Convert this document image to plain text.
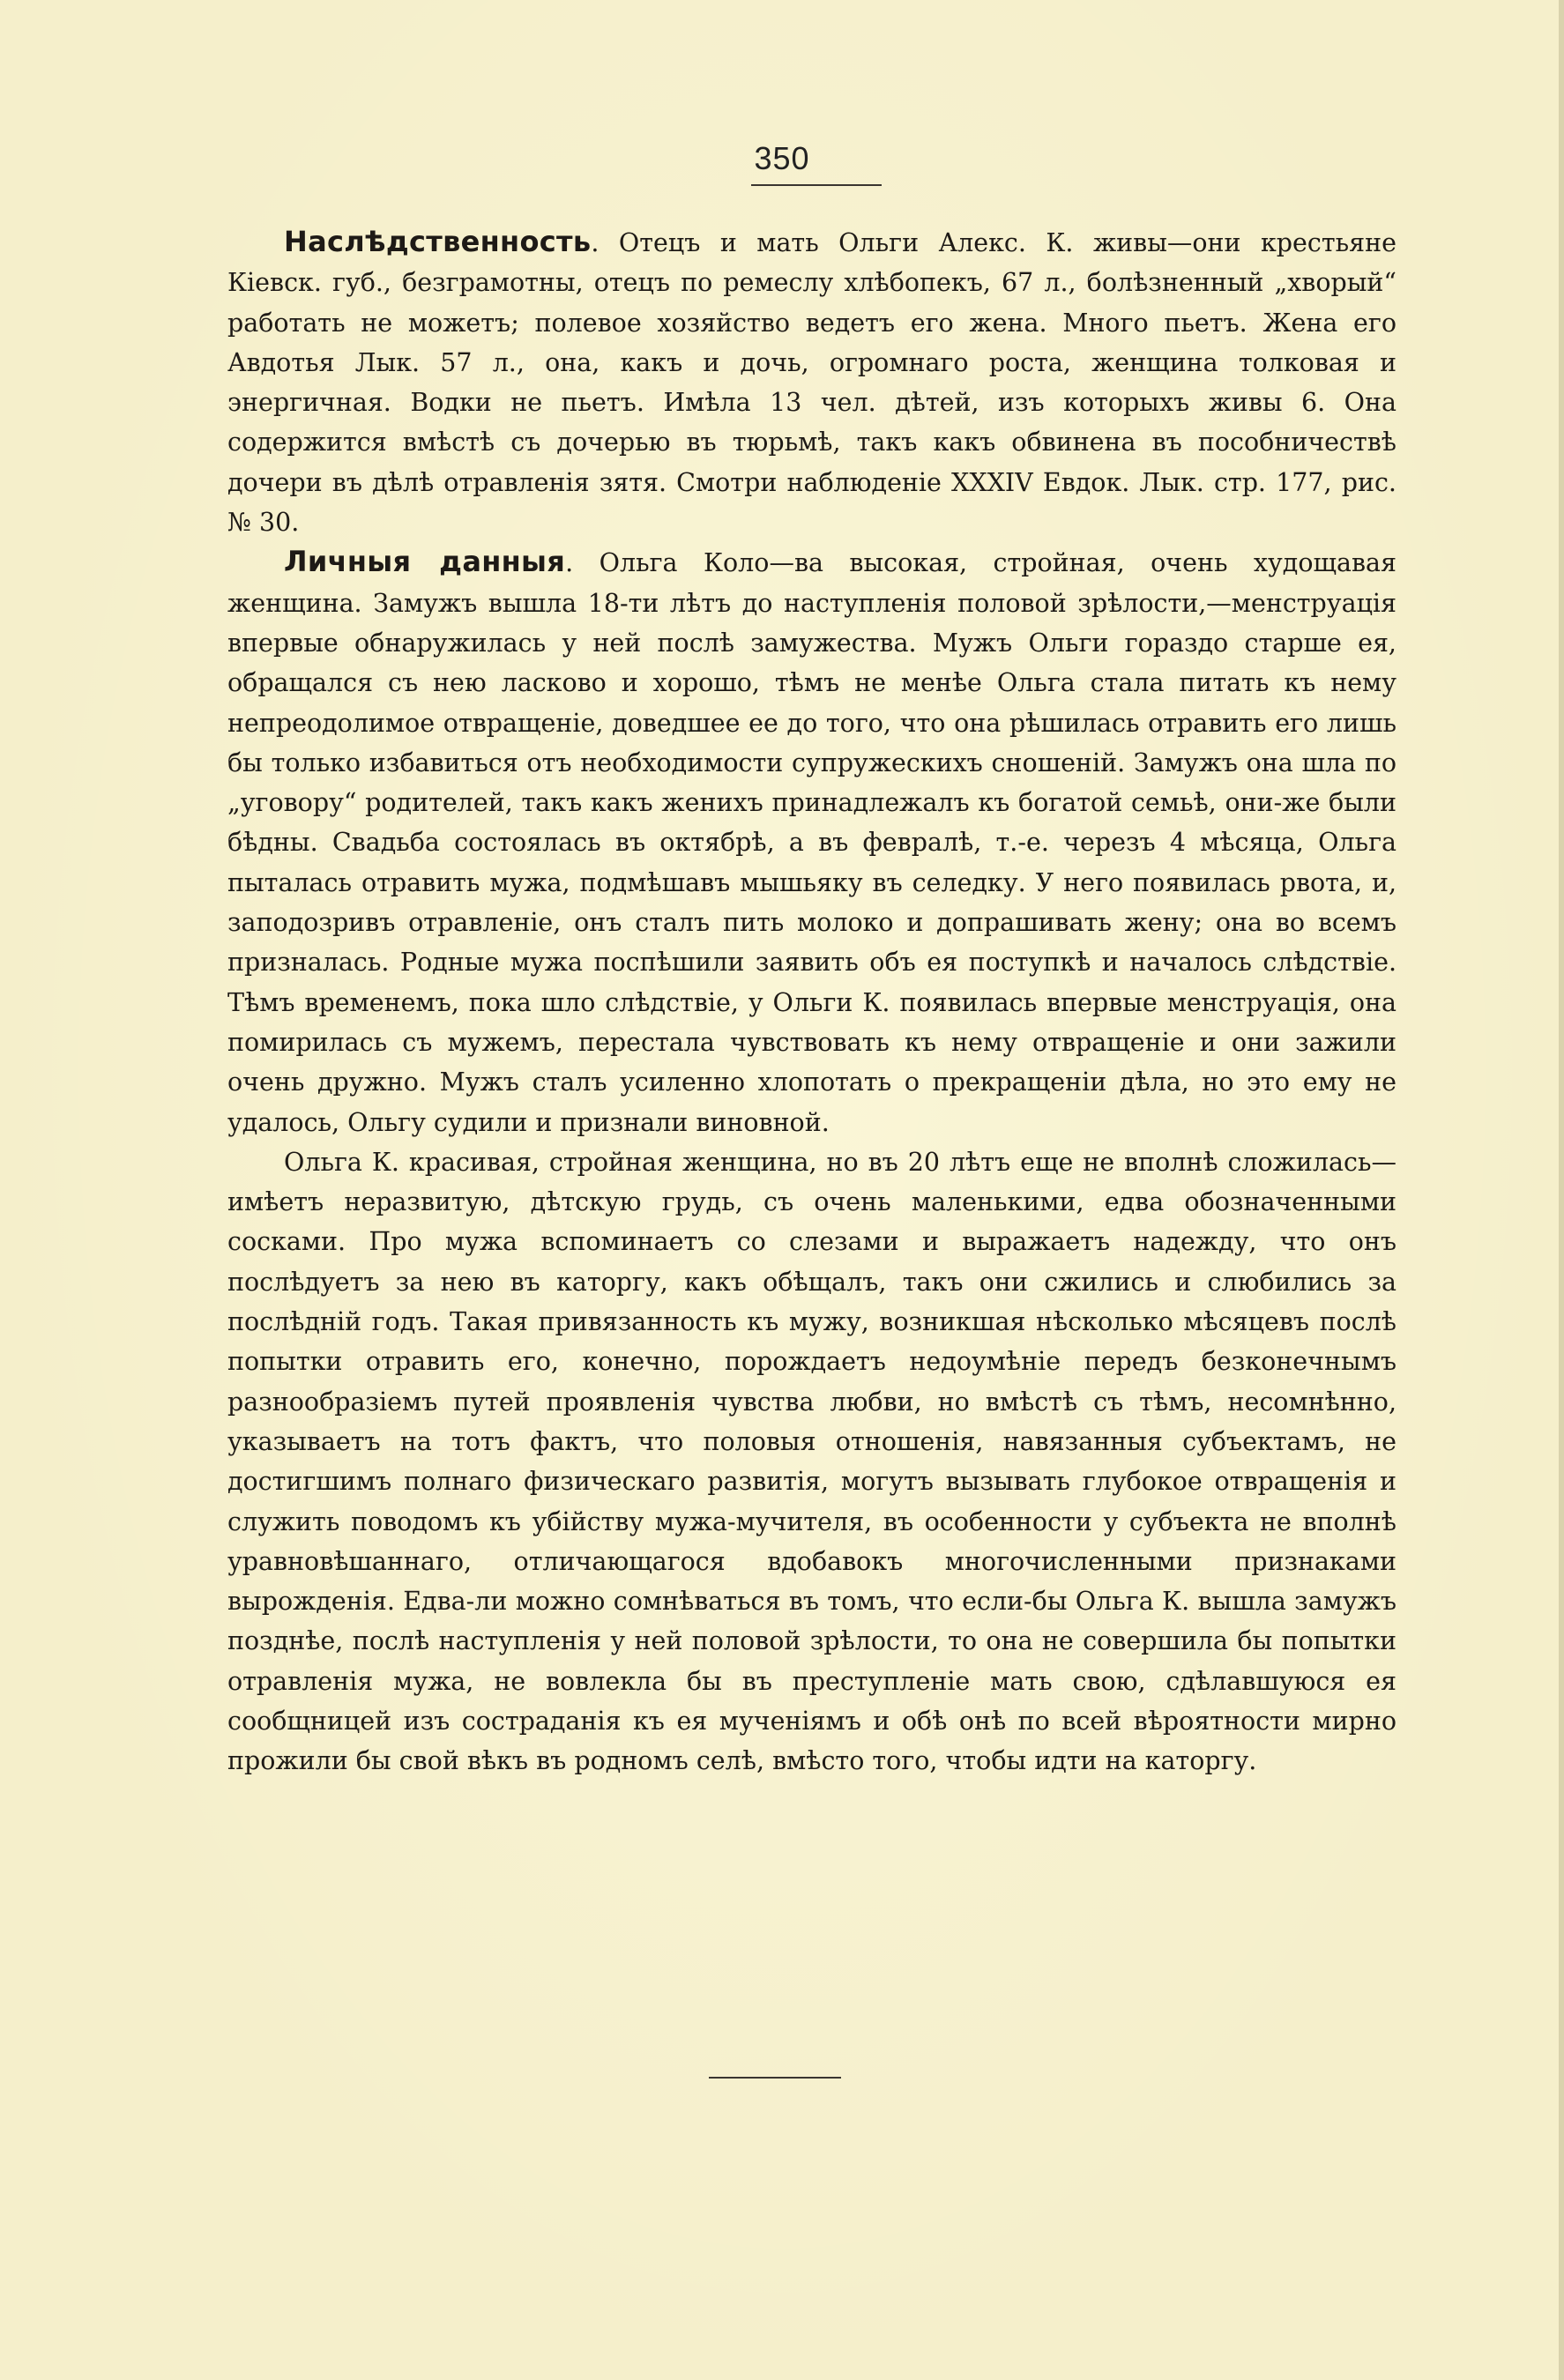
350

Наслѣдственность. Отецъ и мать Ольги Алекс. К. живы—они крестьяне Кіевск. губ., безграмотны, отецъ по ремеслу хлѣбопекъ, 67 л., болѣзненный „хворый“ работать не можетъ; полевое хозяйство ведетъ его жена. Много пьетъ. Жена его Авдотья Лык. 57 л., она, какъ и дочь, огромнаго роста, женщина толковая и энергичная. Водки не пьетъ. Имѣла 13 чел. дѣтей, изъ которыхъ живы 6. Она содержится вмѣстѣ съ дочерью въ тюрьмѣ, такъ какъ обвинена въ пособничествѣ дочери въ дѣлѣ отравленія зятя. Смотри наблюденіе XXXIV Евдок. Лык. стр. 177, рис. № 30.

Личныя данныя. Ольга Коло—ва высокая, стройная, очень худощавая женщина. Замужъ вышла 18-ти лѣтъ до наступленія половой зрѣлости,—менструація впервые обнаружилась у ней послѣ замужества. Мужъ Ольги гораздо старше ея, обращался съ нею ласково и хорошо, тѣмъ не менѣе Ольга стала питать къ нему непреодолимое отвращеніе, доведшее ее до того, что она рѣшилась отравить его лишь бы только избавиться отъ необходимости супружескихъ сношеній. Замужъ она шла по „уговору“ родителей, такъ какъ женихъ принадлежалъ къ богатой семьѣ, они-же были бѣдны. Свадьба состоялась въ октябрѣ, а въ февралѣ, т.-е. черезъ 4 мѣсяца, Ольга пыталась отравить мужа, подмѣшавъ мышьяку въ селедку. У него появилась рвота, и, заподозривъ отравленіе, онъ сталъ пить молоко и допрашивать жену; она во всемъ призналась. Родные мужа поспѣшили заявить объ ея поступкѣ и началось слѣдствіе. Тѣмъ временемъ, пока шло слѣдствіе, у Ольги К. появилась впервые менструація, она помирилась съ мужемъ, перестала чувствовать къ нему отвращеніе и они зажили очень дружно. Мужъ сталъ усиленно хлопотать о прекращеніи дѣла, но это ему не удалось, Ольгу судили и признали виновной.

Ольга К. красивая, стройная женщина, но въ 20 лѣтъ еще не вполнѣ сложилась—имѣетъ неразвитую, дѣтскую грудь, съ очень маленькими, едва обозначенными сосками. Про мужа вспоминаетъ со слезами и выражаетъ надежду, что онъ послѣдуетъ за нею въ каторгу, какъ обѣщалъ, такъ они сжились и слюбились за послѣдній годъ. Такая привязанность къ мужу, возникшая нѣсколько мѣсяцевъ послѣ попытки отравить его, конечно, порождаетъ недоумѣніе передъ безконечнымъ разнообразіемъ путей проявленія чувства любви, но вмѣстѣ съ тѣмъ, несомнѣнно, указываетъ на тотъ фактъ, что половыя отношенія, навязанныя субъектамъ, не достигшимъ полнаго физическаго развитія, могутъ вызывать глубокое отвращенія и служить поводомъ къ убійству мужа-мучителя, въ особенности у субъекта не вполнѣ уравновѣшаннаго, отличающагося вдобавокъ многочисленными признаками вырожденія. Едва-ли можно сомнѣваться въ томъ, что если-бы Ольга К. вышла замужъ позднѣе, послѣ наступленія у ней половой зрѣлости, то она не совершила бы попытки отравленія мужа, не вовлекла бы въ преступленіе мать свою, сдѣлавшуюся ея сообщницей изъ состраданія къ ея мученіямъ и обѣ онѣ по всей вѣроятности мирно прожили бы свой вѣкъ въ родномъ селѣ, вмѣсто того, чтобы идти на каторгу.
